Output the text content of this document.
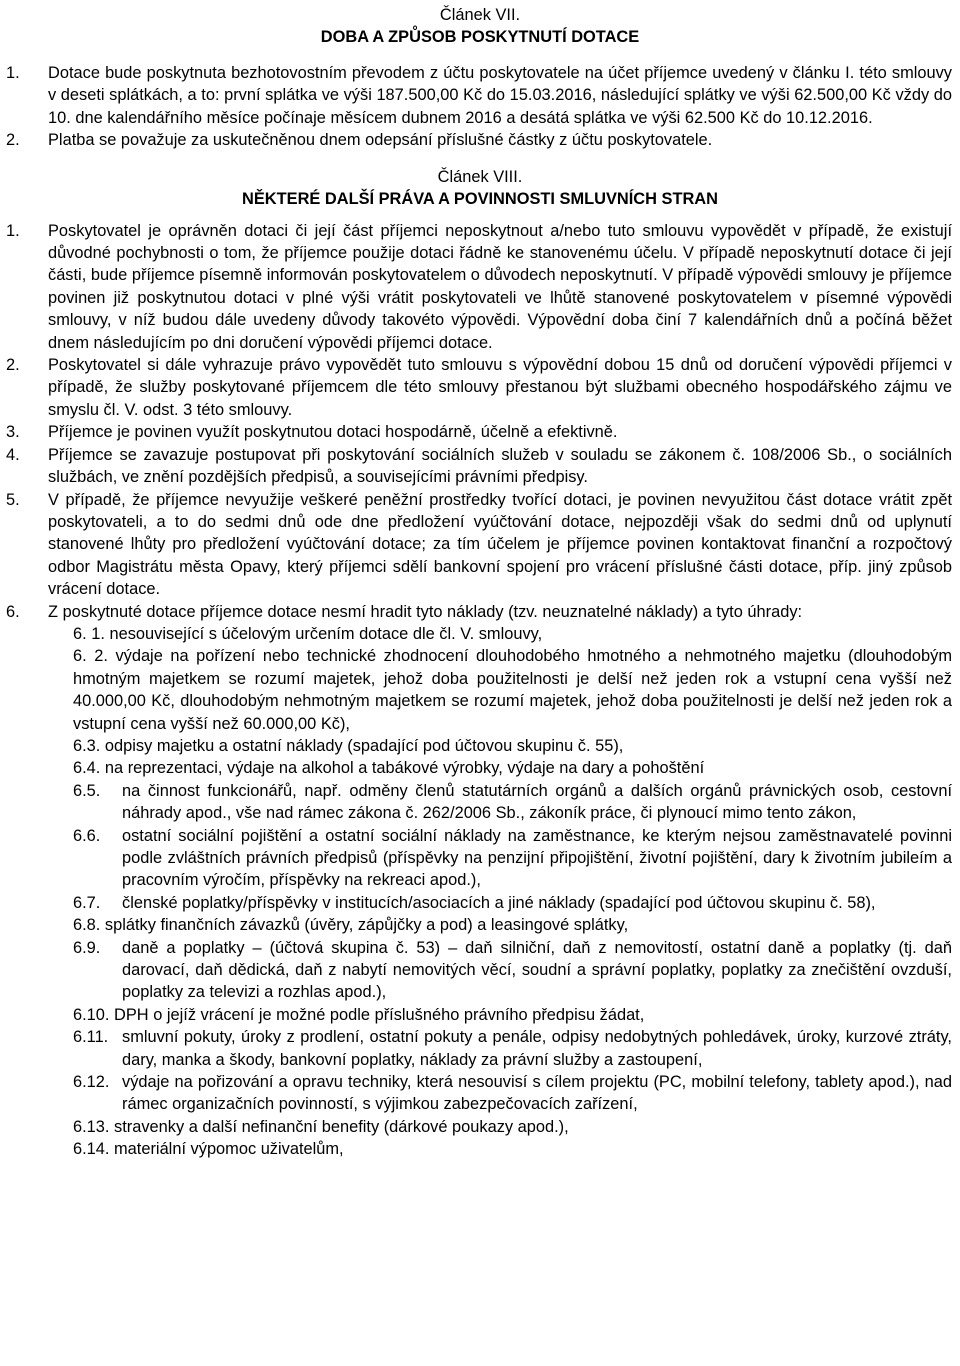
Článek VII.

DOBA A ZPŮSOB POSKYTNUTÍ DOTACE

1. Dotace bude poskytnuta bezhotovostním převodem z účtu poskytovatele na účet příjemce uvedený v článku I. této smlouvy v deseti splátkách, a to: první splátka ve výši 187.500,00 Kč do 15.03.2016, následující splátky ve výši 62.500,00 Kč vždy do 10. dne kalendářního měsíce počínaje měsícem dubnem 2016 a desátá splátka ve výši 62.500 Kč do 10.12.2016.
2. Platba se považuje za uskutečněnou dnem odepsání příslušné částky z účtu poskytovatele.

Článek VIII.

NĚKTERÉ DALŠÍ PRÁVA A POVINNOSTI SMLUVNÍCH STRAN

1. Poskytovatel je oprávněn dotaci či její část příjemci neposkytnout a/nebo tuto smlouvu vypovědět v případě, že existují důvodné pochybnosti o tom, že příjemce použije dotaci řádně ke stanovenému účelu. V případě neposkytnutí dotace či její části, bude příjemce písemně informován poskytovatelem o důvodech neposkytnutí. V případě výpovědi smlouvy je příjemce povinen již poskytnutou dotaci v plné výši vrátit poskytovateli ve lhůtě stanovené poskytovatelem v písemné výpovědi smlouvy, v níž budou dále uvedeny důvody takovéto výpovědi. Výpovědní doba činí 7 kalendářních dnů a počíná běžet dnem následujícím po dni doručení výpovědi příjemci dotace.
2. Poskytovatel si dále vyhrazuje právo vypovědět tuto smlouvu s výpovědní dobou 15 dnů od doručení výpovědi příjemci v případě, že služby poskytované příjemcem dle této smlouvy přestanou být službami obecného hospodářského zájmu ve smyslu čl. V. odst. 3 této smlouvy.
3. Příjemce je povinen využít poskytnutou dotaci hospodárně, účelně a efektivně.
4. Příjemce se zavazuje postupovat při poskytování sociálních služeb v souladu se zákonem č. 108/2006 Sb., o sociálních službách, ve znění pozdějších předpisů, a souvisejícími právními předpisy.
5. V případě, že příjemce nevyužije veškeré peněžní prostředky tvořící dotaci, je povinen nevyužitou část dotace vrátit zpět poskytovateli, a to do sedmi dnů ode dne předložení vyúčtování dotace, nejpozději však do sedmi dnů od uplynutí stanovené lhůty pro předložení vyúčtování dotace; za tím účelem je příjemce povinen kontaktovat finanční a rozpočtový odbor Magistrátu města Opavy, který příjemci sdělí bankovní spojení pro vrácení příslušné části dotace, příp. jiný způsob vrácení dotace.
6. Z poskytnuté dotace příjemce dotace nesmí hradit tyto náklady (tzv. neuznatelné náklady) a tyto úhrady:
6. 1. nesouvisející s účelovým určením dotace dle čl. V. smlouvy,
6. 2. výdaje na pořízení nebo technické zhodnocení dlouhodobého hmotného a nehmotného majetku (dlouhodobým hmotným majetkem se rozumí majetek, jehož doba použitelnosti je delší než jeden rok a vstupní cena vyšší než 40.000,00 Kč, dlouhodobým nehmotným majetkem se rozumí majetek, jehož doba použitelnosti je delší než jeden rok a vstupní cena vyšší než 60.000,00 Kč),
6.3. odpisy majetku a ostatní náklady (spadající pod účtovou skupinu č. 55),
6.4. na reprezentaci, výdaje na alkohol a tabákové výrobky, výdaje na dary a pohoštění
6.5. na činnost funkcionářů, např. odměny členů statutárních orgánů a dalších orgánů právnických osob, cestovní náhrady apod., vše nad rámec zákona č. 262/2006 Sb., zákoník práce, či plynoucí mimo tento zákon,
6.6. ostatní sociální pojištění a ostatní sociální náklady na zaměstnance, ke kterým nejsou zaměstnavatelé povinni podle zvláštních právních předpisů (příspěvky na penzijní připojištění, životní pojištění, dary k životním jubileím a pracovním výročím, příspěvky na rekreaci apod.),
6.7. členské poplatky/příspěvky v institucích/asociacích a jiné náklady (spadající pod účtovou skupinu č. 58),
6.8. splátky finančních závazků (úvěry, zápůjčky a pod) a leasingové splátky,
6.9. daně a poplatky – (účtová skupina č. 53) – daň silniční, daň z nemovitostí, ostatní daně a poplatky (tj. daň darovací, daň dědická, daň z nabytí nemovitých věcí, soudní a správní poplatky, poplatky za znečištění ovzduší, poplatky za televizi a rozhlas apod.),
6.10. DPH o jejíž vrácení je možné podle příslušného právního předpisu žádat,
6.11. smluvní pokuty, úroky z prodlení, ostatní pokuty a penále, odpisy nedobytných pohledávek, úroky, kurzové ztráty, dary, manka a škody, bankovní poplatky, náklady za právní služby a zastoupení,
6.12. výdaje na pořizování a opravu techniky, která nesouvisí s cílem projektu (PC, mobilní telefony, tablety apod.), nad rámec organizačních povinností, s výjimkou zabezpečovacích zařízení,
6.13. stravenky a další nefinanční benefity (dárkové poukazy apod.),
6.14. materiální výpomoc uživatelům,
